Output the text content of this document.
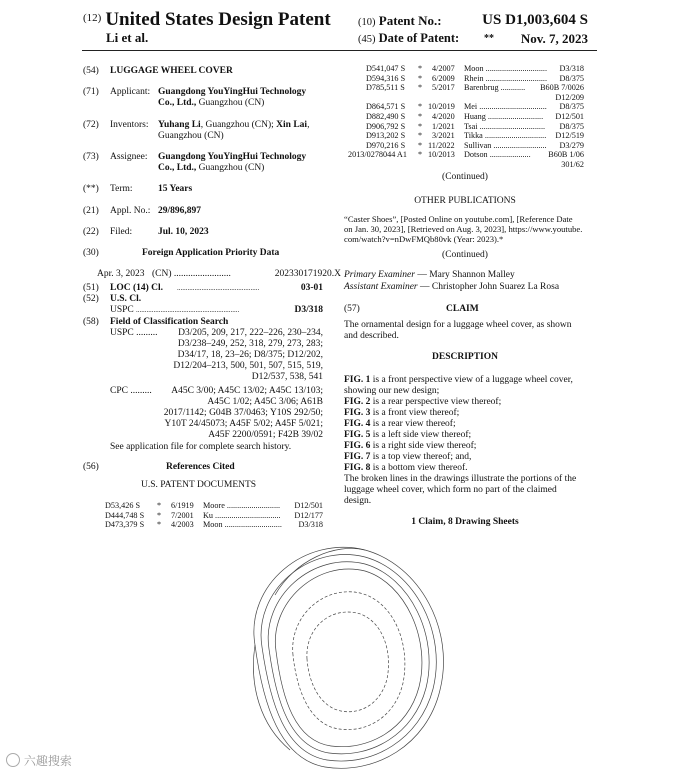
$^{(12)}$ United States Design Patent
Li et al.
(10) Patent No.:	US D1,003,604 S
(45) Date of Patent: ** Nov. 7, 2023
(54) LUGGAGE WHEEL COVER
(71) Applicant: Guangdong YouYingHui Technology
Co., Ltd., Guangzhou (CN)
(72) Inventors: Yuhang Li, Guangzhou (CN); Xin Lai,
Guangzhou (CN)
(73) Assignee: Guangdong YouYingHui Technology
Co., Ltd., Guangzhou (CN)
(**) Term:	15 Years
(21) Appl. No.: 29/896,897
(22) Filed:	Jul. 10, 2023
(30)	Foreign Application Priority Data
Apr. 3, 2023 (CN) ........................	202330171920.X
(51) LOC (14) Cl. ...............................................	03-01
(52) U.S. Cl.
USPC ...........................................................	D3/318
(58) Field of Classification Search
USPC .........	D3/205, 209, 217, 222–226, 230–234,
D3/238–249, 252, 318, 279, 273, 283;
D34/17, 18, 23–26; D8/375; D12/202,
D12/204–213, 500, 501, 507, 515, 519,
D12/537, 538, 541
CPC .........	A45C 3/00; A45C 13/02; A45C 13/103;
A45C 1/02; A45C 3/06; A61B
2017/1142; G04B 37/0463; Y10S 292/50;
Y10T 24/45073; A45F 5/02; A45F 5/021;
A45F 2200/0591; F42B 39/02
See application file for complete search history.
(56)	References Cited
U.S. PATENT DOCUMENTS
D53,426 S * 6/1919 Moore .......................... D12/501
D444,748 S * 7/2001 Ku ................................ D12/177
D473,379 S * 4/2003 Moon ............................ D3/318
D541,047 S * 4/2007 Moon .............................. D3/318
D594,316 S * 6/2009 Rhein .............................. D8/375
D785,511 S * 5/2017 Barenbrug ............ B60B 7/0026
D12/209
D864,571 S * 10/2019 Mei ................................. D8/375
D882,490 S * 4/2020 Huang ........................... D12/501
D906,792 S * 1/2021 Tsai ................................ D8/375
D913,202 S * 3/2021 Tikka .............................. D12/519
D970,216 S * 11/2022 Sullivan .......................... D3/279
2013/0278044 A1 * 10/2013 Dotson .................... B60B 1/06
301/62
(Continued)
OTHER PUBLICATIONS
“Caster Shoes”, [Posted Online on youtube.com], [Reference Date
on Jan. 30, 2023], [Retrieved on Aug. 3, 2023], https://www.youtube.
com/watch?v=nDwFMQb80vk (Year: 2023).*
(Continued)
Primary Examiner — Mary Shannon Malley
Assistant Examiner — Christopher John Suarez La Rosa
(57)	CLAIM
The ornamental design for a luggage wheel cover, as shown
and described.
DESCRIPTION
FIG. 1 is a front perspective view of a luggage wheel cover,
showing our new design;
FIG. 2 is a rear perspective view thereof;
FIG. 3 is a front view thereof;
FIG. 4 is a rear view thereof;
FIG. 5 is a left side view thereof;
FIG. 6 is a right side view thereof;
FIG. 7 is a top view thereof; and,
FIG. 8 is a bottom view thereof.
The broken lines in the drawings illustrate the portions of the
luggage wheel cover, which form no part of the claimed
design.
1 Claim, 8 Drawing Sheets
六趣搜索
